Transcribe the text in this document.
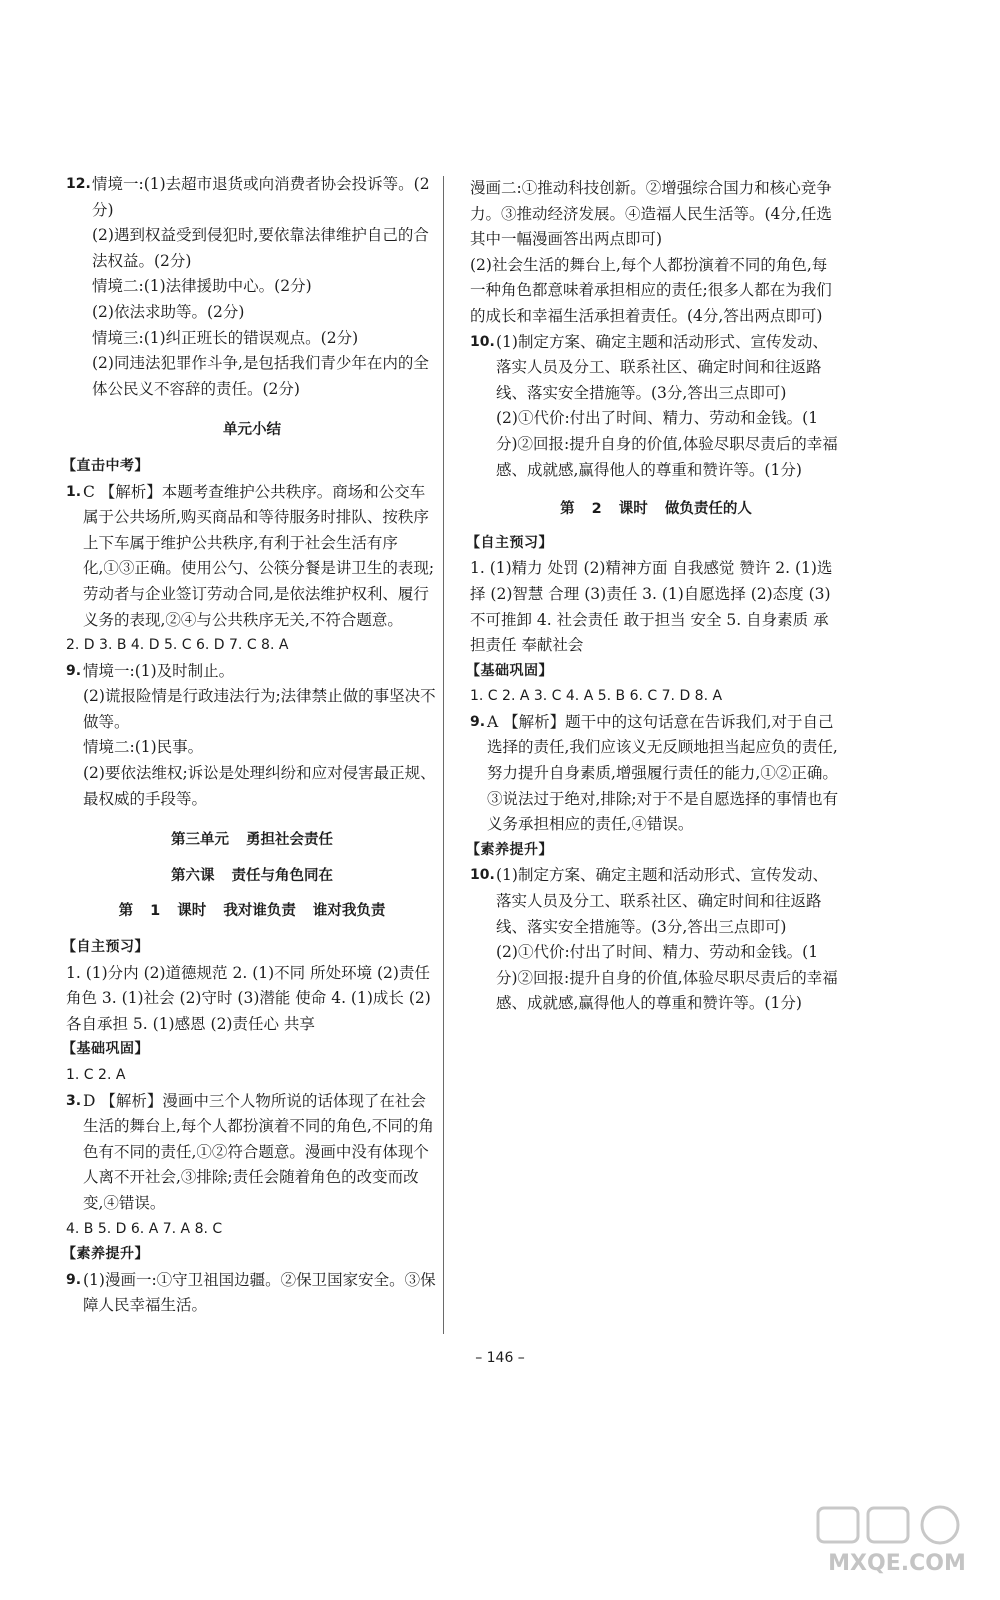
12. 情境一:(1)去超市退货或向消费者协会投诉等。(2分)
(2)遇到权益受到侵犯时,要依靠法律维护自己的合法权益。(2分)
情境二:(1)法律援助中心。(2分)
(2)依法求助等。(2分)
情境三:(1)纠正班长的错误观点。(2分)
(2)同违法犯罪作斗争,是包括我们青少年在内的全体公民义不容辞的责任。(2分)
单元小结
【直击中考】
1. C 【解析】本题考查维护公共秩序。商场和公交车属于公共场所,购买商品和等待服务时排队、按秩序上下车属于维护公共秩序,有利于社会生活有序化,①③正确。使用公勺、公筷分餐是讲卫生的表现;劳动者与企业签订劳动合同,是依法维护权利、履行义务的表现,②④与公共秩序无关,不符合题意。
2. D 3. B 4. D 5. C 6. D 7. C 8. A
9. 情境一:(1)及时制止。
(2)谎报险情是行政违法行为;法律禁止做的事坚决不做等。
情境二:(1)民事。
(2)要依法维权;诉讼是处理纠纷和应对侵害最正规、最权威的手段等。
第三单元 勇担社会责任
第六课 责任与角色同在
第 1 课时 我对谁负责 谁对我负责
【自主预习】
1. (1)分内 (2)道德规范 2. (1)不同 所处环境 (2)责任 角色 3. (1)社会 (2)守时 (3)潜能 使命 4. (1)成长 (2)各自承担 5. (1)感恩 (2)责任心 共享
【基础巩固】
1. C 2. A
3. D 【解析】漫画中三个人物所说的话体现了在社会生活的舞台上,每个人都扮演着不同的角色,不同的角色有不同的责任,①②符合题意。漫画中没有体现个人离不开社会,③排除;责任会随着角色的改变而改变,④错误。
4. B 5. D 6. A 7. A 8. C
【素养提升】
9. (1)漫画一:①守卫祖国边疆。②保卫国家安全。③保障人民幸福生活。
漫画二:①推动科技创新。②增强综合国力和核心竞争力。③推动经济发展。④造福人民生活等。(4分,任选其中一幅漫画答出两点即可)
(2)社会生活的舞台上,每个人都扮演着不同的角色,每一种角色都意味着承担相应的责任;很多人都在为我们的成长和幸福生活承担着责任。(4分,答出两点即可)
10. (1)制定方案、确定主题和活动形式、宣传发动、落实人员及分工、联系社区、确定时间和往返路线、落实安全措施等。(3分,答出三点即可)
(2)①代价:付出了时间、精力、劳动和金钱。(1分)②回报:提升自身的价值,体验尽职尽责后的幸福感、成就感,赢得他人的尊重和赞许等。(1分)
第 2 课时 做负责任的人
【自主预习】
1. (1)精力 处罚 (2)精神方面 自我感觉 赞许 2. (1)选择 (2)智慧 合理 (3)责任 3. (1)自愿选择 (2)态度 (3)不可推卸 4. 社会责任 敢于担当 安全 5. 自身素质 承担责任 奉献社会
【基础巩固】
1. C 2. A 3. C 4. A 5. B 6. C 7. D 8. A
9. A 【解析】题干中的这句话意在告诉我们,对于自己选择的责任,我们应该义无反顾地担当起应负的责任,努力提升自身素质,增强履行责任的能力,①②正确。③说法过于绝对,排除;对于不是自愿选择的事情也有义务承担相应的责任,④错误。
【素养提升】
10. (1)制定方案、确定主题和活动形式、宣传发动、落实人员及分工、联系社区、确定时间和往返路线、落实安全措施等。(3分,答出三点即可)
(2)①代价:付出了时间、精力、劳动和金钱。(1分)②回报:提升自身的价值,体验尽职尽责后的幸福感、成就感,赢得他人的尊重和赞许等。(1分)
– 146 –
MXQE.COM
